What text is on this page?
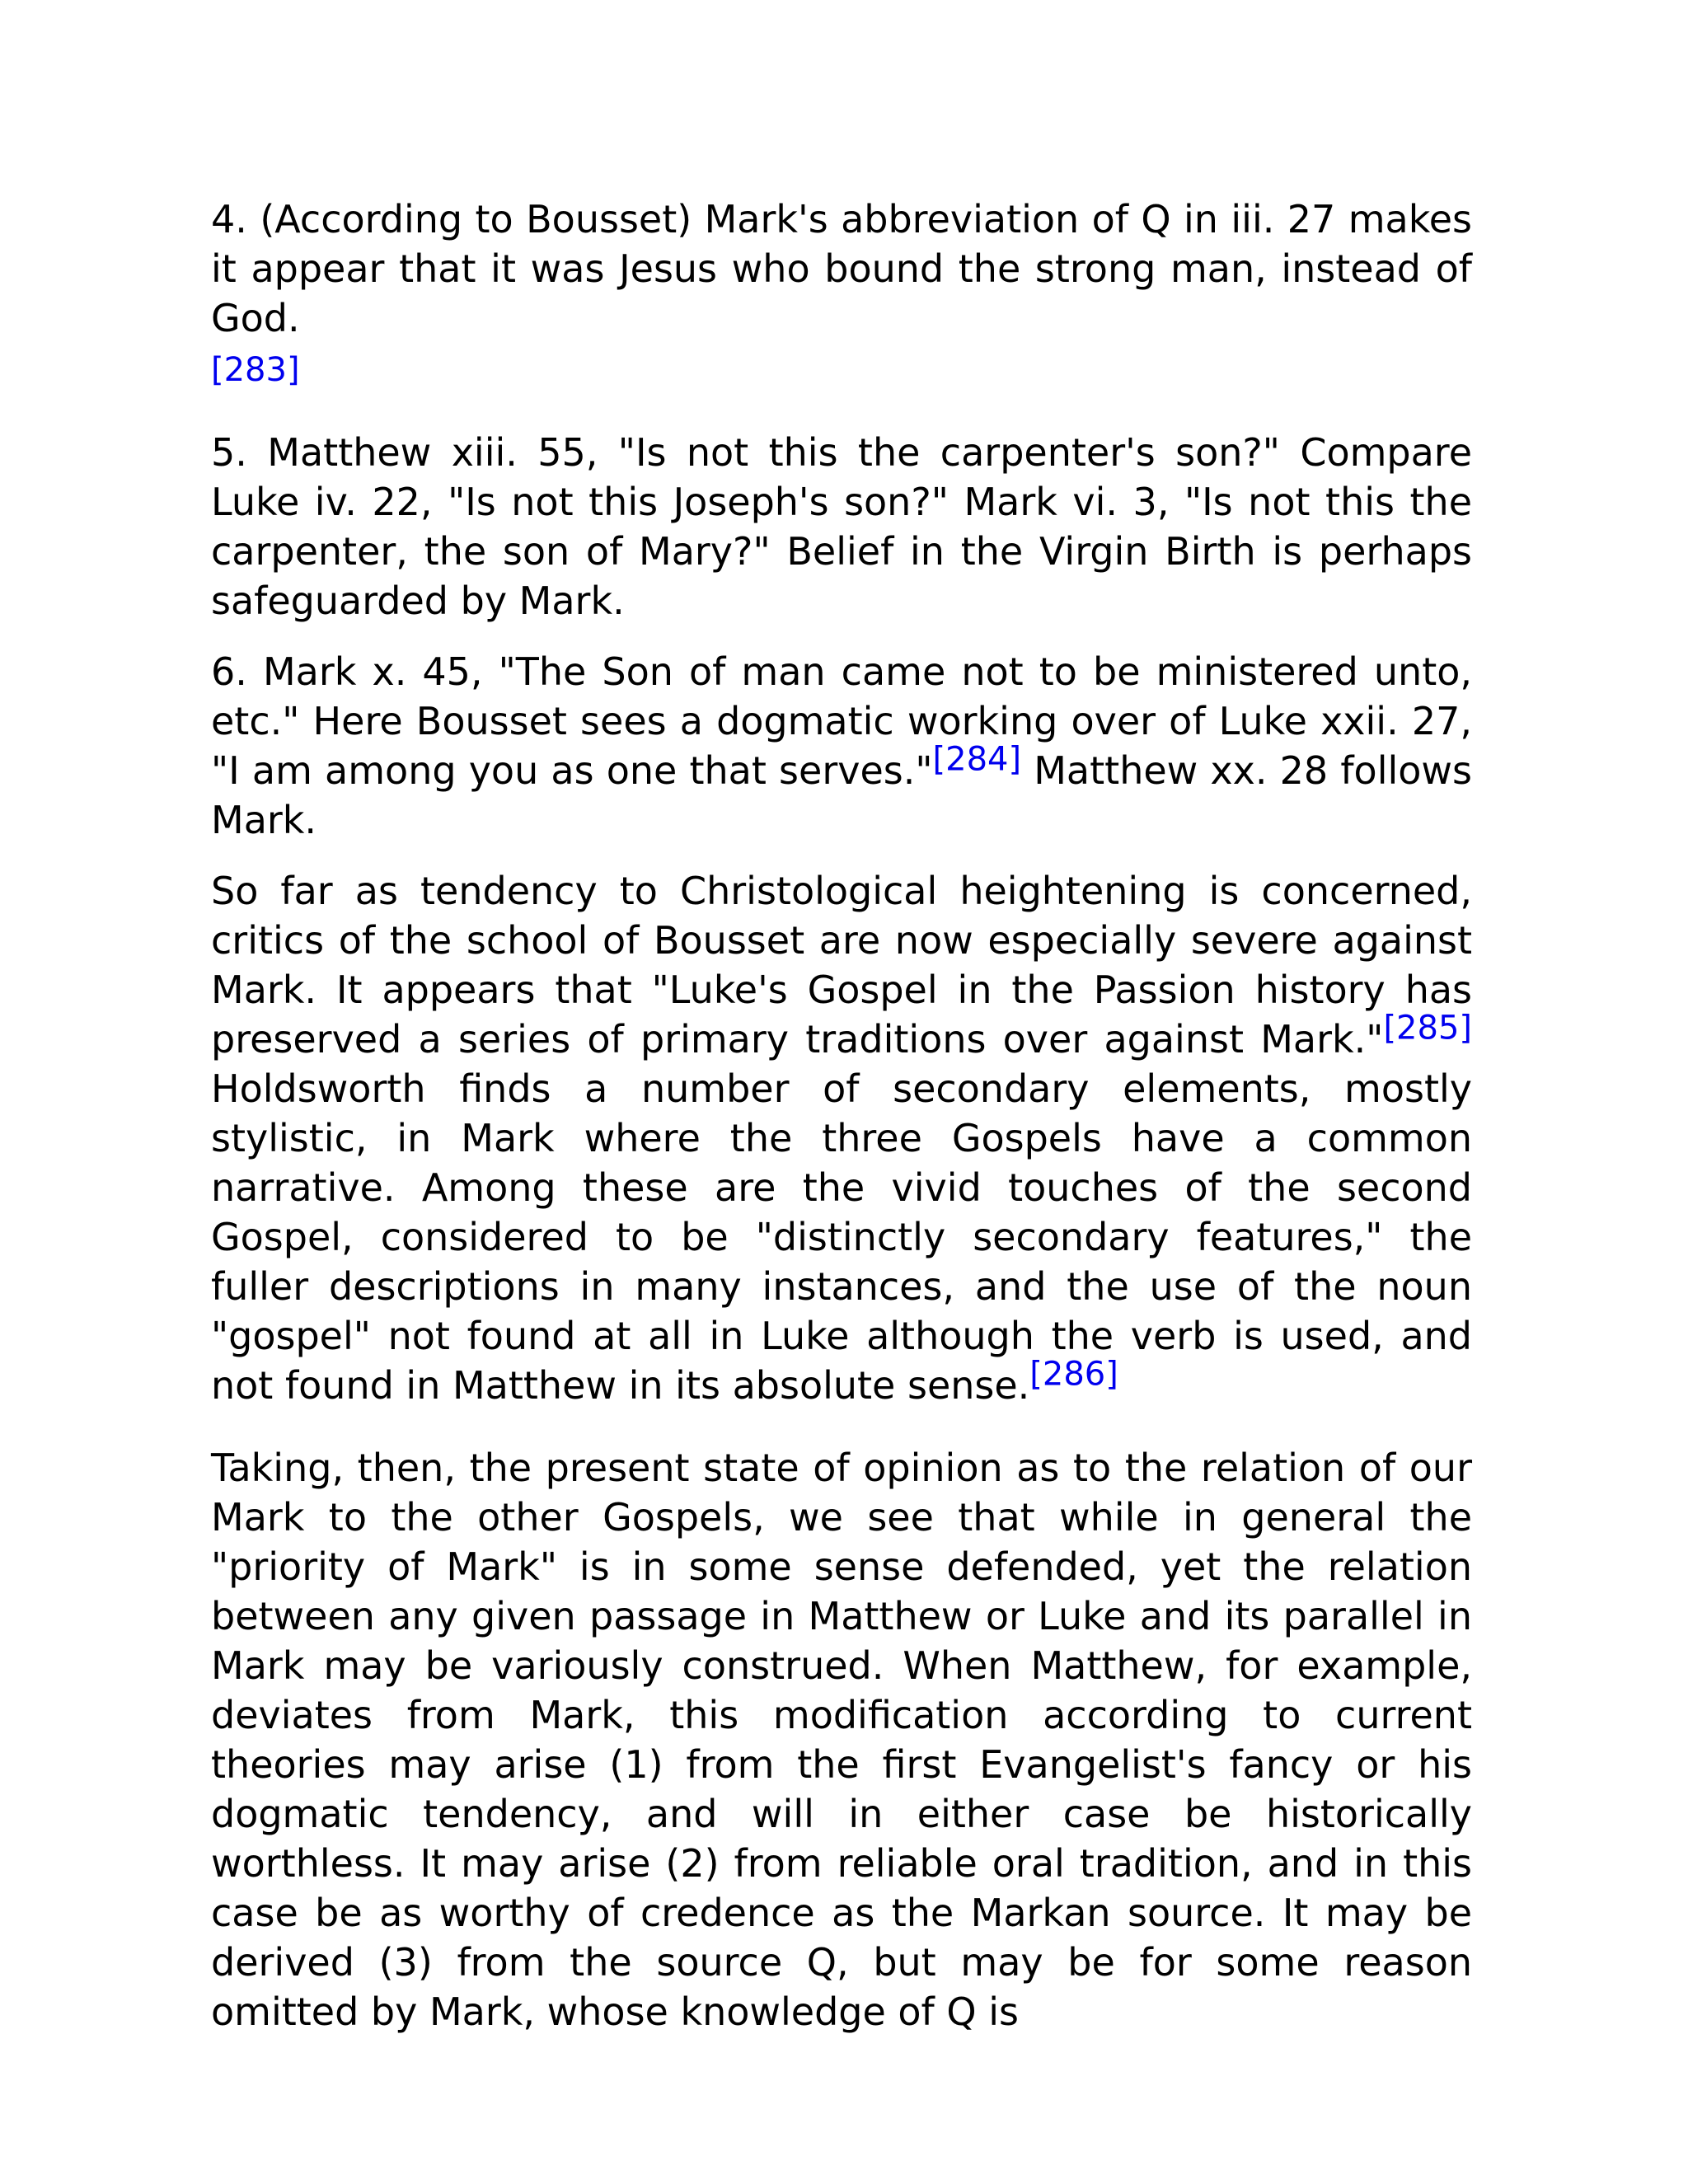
4. (According to Bousset) Mark's abbreviation of Q in iii. 27 makes it appear that it was Jesus who bound the strong man, instead of God.
[283]

5. Matthew xiii. 55, "Is not this the carpenter's son?" Compare Luke iv. 22, "Is not this Joseph's son?" Mark vi. 3, "Is not this the carpenter, the son of Mary?" Belief in the Virgin Birth is perhaps safeguarded by Mark.

6. Mark x. 45, "The Son of man came not to be ministered unto, etc." Here Bousset sees a dogmatic working over of Luke xxii. 27, "I am among you as one that serves."[284] Matthew xx. 28 follows Mark.

So far as tendency to Christological heightening is concerned, critics of the school of Bousset are now especially severe against Mark. It appears that "Luke's Gospel in the Passion history has preserved a series of primary traditions over against Mark."[285] Holdsworth finds a number of secondary elements, mostly stylistic, in Mark where the three Gospels have a common narrative. Among these are the vivid touches of the second Gospel, considered to be "distinctly secondary features," the fuller descriptions in many instances, and the use of the noun "gospel" not found at all in Luke although the verb is used, and not found in Matthew in its absolute sense.[286]

Taking, then, the present state of opinion as to the relation of our Mark to the other Gospels, we see that while in general the "priority of Mark" is in some sense defended, yet the relation between any given passage in Matthew or Luke and its parallel in Mark may be variously construed. When Matthew, for example, deviates from Mark, this modification according to current theories may arise (1) from the first Evangelist's fancy or his dogmatic tendency, and will in either case be historically worthless. It may arise (2) from reliable oral tradition, and in this case be as worthy of credence as the Markan source. It may be derived (3) from the source Q, but may be for some reason omitted by Mark, whose knowledge of Q is
